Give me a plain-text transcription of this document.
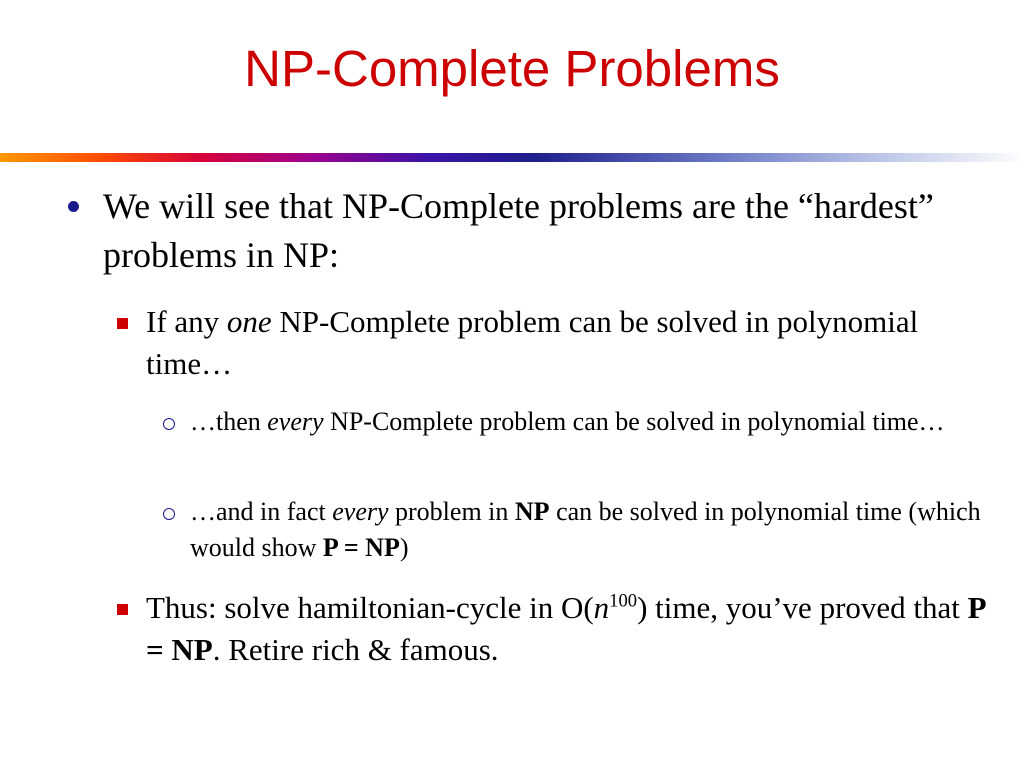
NP-Complete Problems
We will see that NP-Complete problems are the “hardest” problems in NP:
If any one NP-Complete problem can be solved in polynomial time…
…then every NP-Complete problem can be solved in polynomial time…
…and in fact every problem in NP can be solved in polynomial time (which would show P = NP)
Thus: solve hamiltonian-cycle in $O(n^{100})$ time, you’ve proved that P = NP. Retire rich & famous.
